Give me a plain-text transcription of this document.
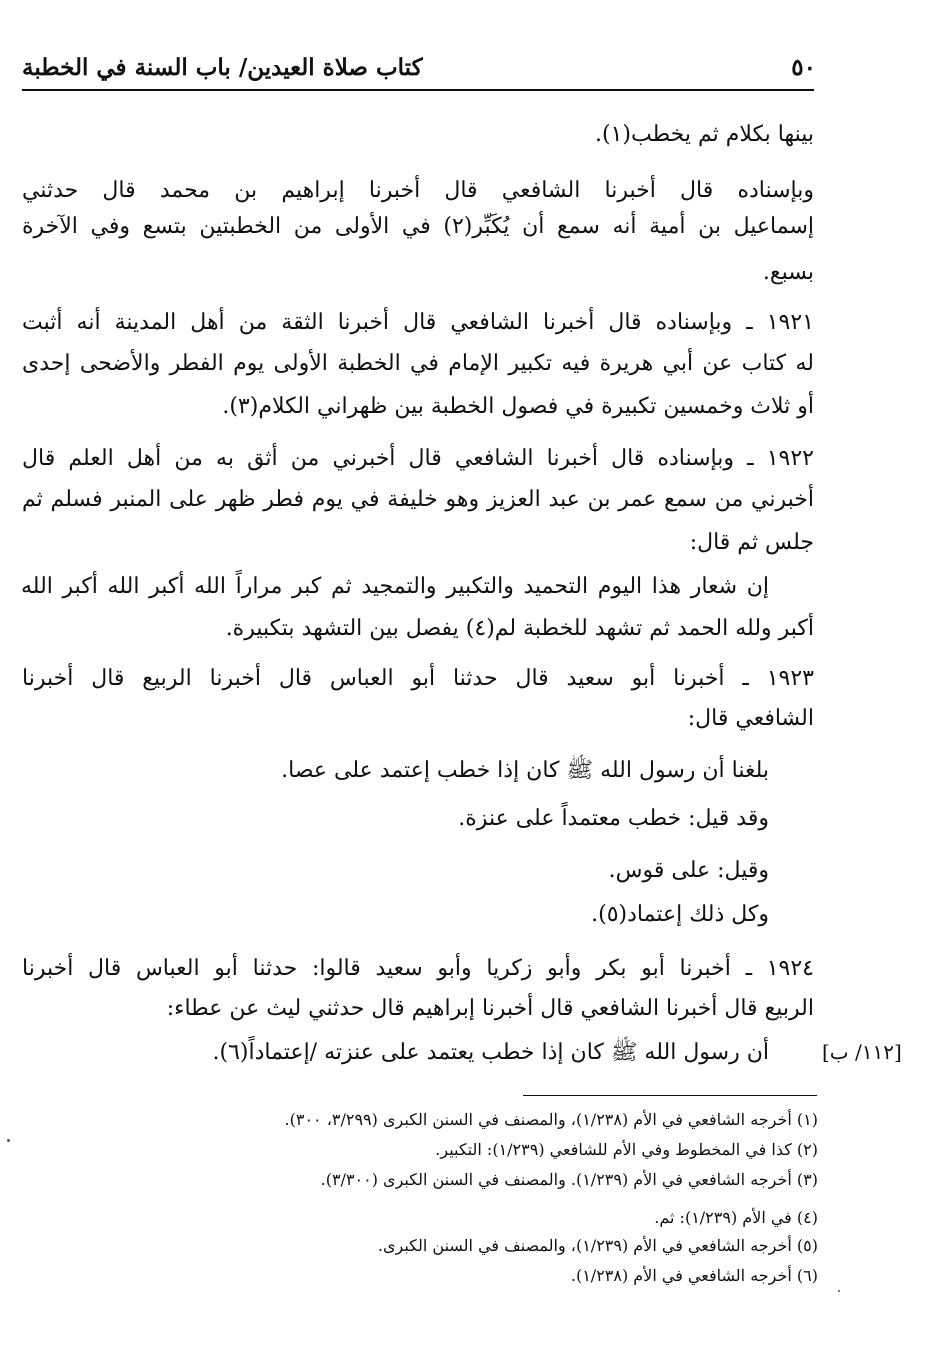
٥٠
كتاب صلاة العيدين/ باب السنة في الخطبة
بينها بكلام ثم يخطب(١).
وبإسناده قال أخبرنا الشافعي قال أخبرنا إبراهيم بن محمد قال حدثني
إسماعيل بن أمية أنه سمع أن يُكَبِّر(٢) في الأولى من الخطبتين بتسع وفي الآخرة
بسبع.
١٩٢١ ـ وبإسناده قال أخبرنا الشافعي قال أخبرنا الثقة من أهل المدينة أنه أثبت
له كتاب عن أبي هريرة فيه تكبير الإمام في الخطبة الأولى يوم الفطر والأضحى إحدى
أو ثلاث وخمسين تكبيرة في فصول الخطبة بين ظهراني الكلام(٣).
١٩٢٢ ـ وبإسناده قال أخبرنا الشافعي قال أخبرني من أثق به من أهل العلم قال
أخبرني من سمع عمر بن عبد العزيز وهو خليفة في يوم فطر ظهر على المنبر فسلم ثم
جلس ثم قال:
إن شعار هذا اليوم التحميد والتكبير والتمجيد ثم كبر مراراً الله أكبر الله أكبر الله
أكبر ولله الحمد ثم تشهد للخطبة لم(٤) يفصل بين التشهد بتكبيرة.
١٩٢٣ ـ أخبرنا أبو سعيد قال حدثنا أبو العباس قال أخبرنا الربيع قال أخبرنا
الشافعي قال:
بلغنا أن رسول الله ﷺ كان إذا خطب إعتمد على عصا.
وقد قيل: خطب معتمداً على عنزة.
وقيل: على قوس.
وكل ذلك إعتماد(٥).
١٩٢٤ ـ أخبرنا أبو بكر وأبو زكريا وأبو سعيد قالوا: حدثنا أبو العباس قال أخبرنا
الربيع قال أخبرنا الشافعي قال أخبرنا إبراهيم قال حدثني ليث عن عطاء:
أن رسول الله ﷺ كان إذا خطب يعتمد على عنزته /إعتماداً(٦).	[١١٢/ ب]
(١) أخرجه الشافعي في الأم (١/٢٣٨)، والمصنف في السنن الكبرى (٣/٢٩٩، ٣٠٠).
(٢) كذا في المخطوط وفي الأم للشافعي (١/٢٣٩): التكبير.
(٣) أخرجه الشافعي في الأم (١/٢٣٩). والمصنف في السنن الكبرى (٣/٣٠٠).
(٤) في الأم (١/٢٣٩): ثم.
(٥) أخرجه الشافعي في الأم (١/٢٣٩)، والمصنف في السنن الكبرى.
(٦) أخرجه الشافعي في الأم (١/٢٣٨).
